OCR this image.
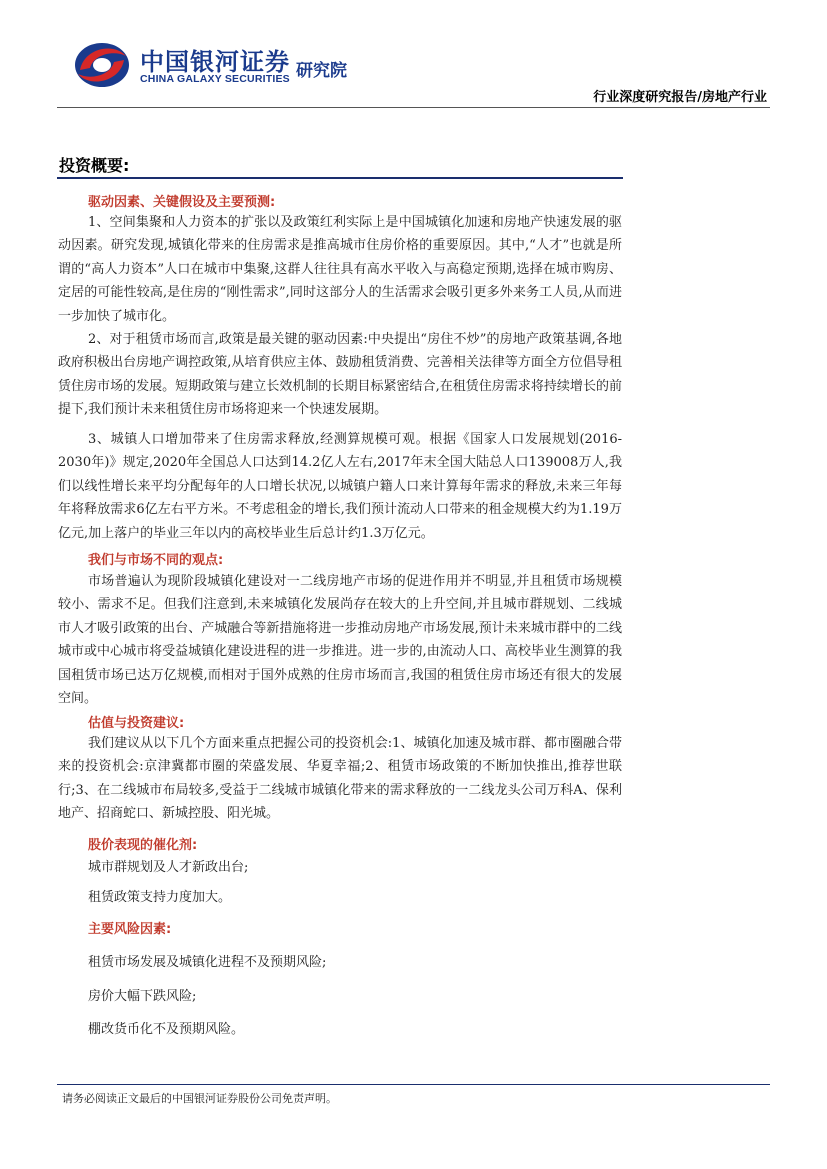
中国银河证券
CHINA GALAXY SECURITIES 研究院
行业深度研究报告/房地产行业
投资概要:
驱动因素、关键假设及主要预测:
1、空间集聚和人力资本的扩张以及政策红利实际上是中国城镇化加速和房地产快速发展的驱动因素。研究发现,城镇化带来的住房需求是推高城市住房价格的重要原因。其中,“人才”也就是所谓的“高人力资本”人口在城市中集聚,这群人往往具有高水平收入与高稳定预期,选择在城市购房、定居的可能性较高,是住房的“刚性需求”,同时这部分人的生活需求会吸引更多外来务工人员,从而进一步加快了城市化。
2、对于租赁市场而言,政策是最关键的驱动因素:中央提出“房住不炒”的房地产政策基调,各地政府积极出台房地产调控政策,从培育供应主体、鼓励租赁消费、完善相关法律等方面全方位倡导租赁住房市场的发展。短期政策与建立长效机制的长期目标紧密结合,在租赁住房需求将持续增长的前提下,我们预计未来租赁住房市场将迎来一个快速发展期。
3、城镇人口增加带来了住房需求释放,经测算规模可观。根据《国家人口发展规划(2016-2030年)》规定,2020年全国总人口达到14.2亿人左右,2017年末全国大陆总人口139008万人,我们以线性增长来平均分配每年的人口增长状况,以城镇户籍人口来计算每年需求的释放,未来三年每年将释放需求6亿左右平方米。不考虑租金的增长,我们预计流动人口带来的租金规模大约为1.19万亿元,加上落户的毕业三年以内的高校毕业生后总计约1.3万亿元。
我们与市场不同的观点:
市场普遍认为现阶段城镇化建设对一二线房地产市场的促进作用并不明显,并且租赁市场规模较小、需求不足。但我们注意到,未来城镇化发展尚存在较大的上升空间,并且城市群规划、二线城市人才吸引政策的出台、产城融合等新措施将进一步推动房地产市场发展,预计未来城市群中的二线城市或中心城市将受益城镇化建设进程的进一步推进。进一步的,由流动人口、高校毕业生测算的我国租赁市场已达万亿规模,而相对于国外成熟的住房市场而言,我国的租赁住房市场还有很大的发展空间。
估值与投资建议:
我们建议从以下几个方面来重点把握公司的投资机会:1、城镇化加速及城市群、都市圈融合带来的投资机会:京津冀都市圈的荣盛发展、华夏幸福;2、租赁市场政策的不断加快推出,推荐世联行;3、在二线城市布局较多,受益于二线城市城镇化带来的需求释放的一二线龙头公司万科A、保利地产、招商蛇口、新城控股、阳光城。
股价表现的催化剂:
城市群规划及人才新政出台;
租赁政策支持力度加大。
主要风险因素:
租赁市场发展及城镇化进程不及预期风险;
房价大幅下跌风险;
棚改货币化不及预期风险。
请务必阅读正文最后的中国银河证券股份公司免责声明。
